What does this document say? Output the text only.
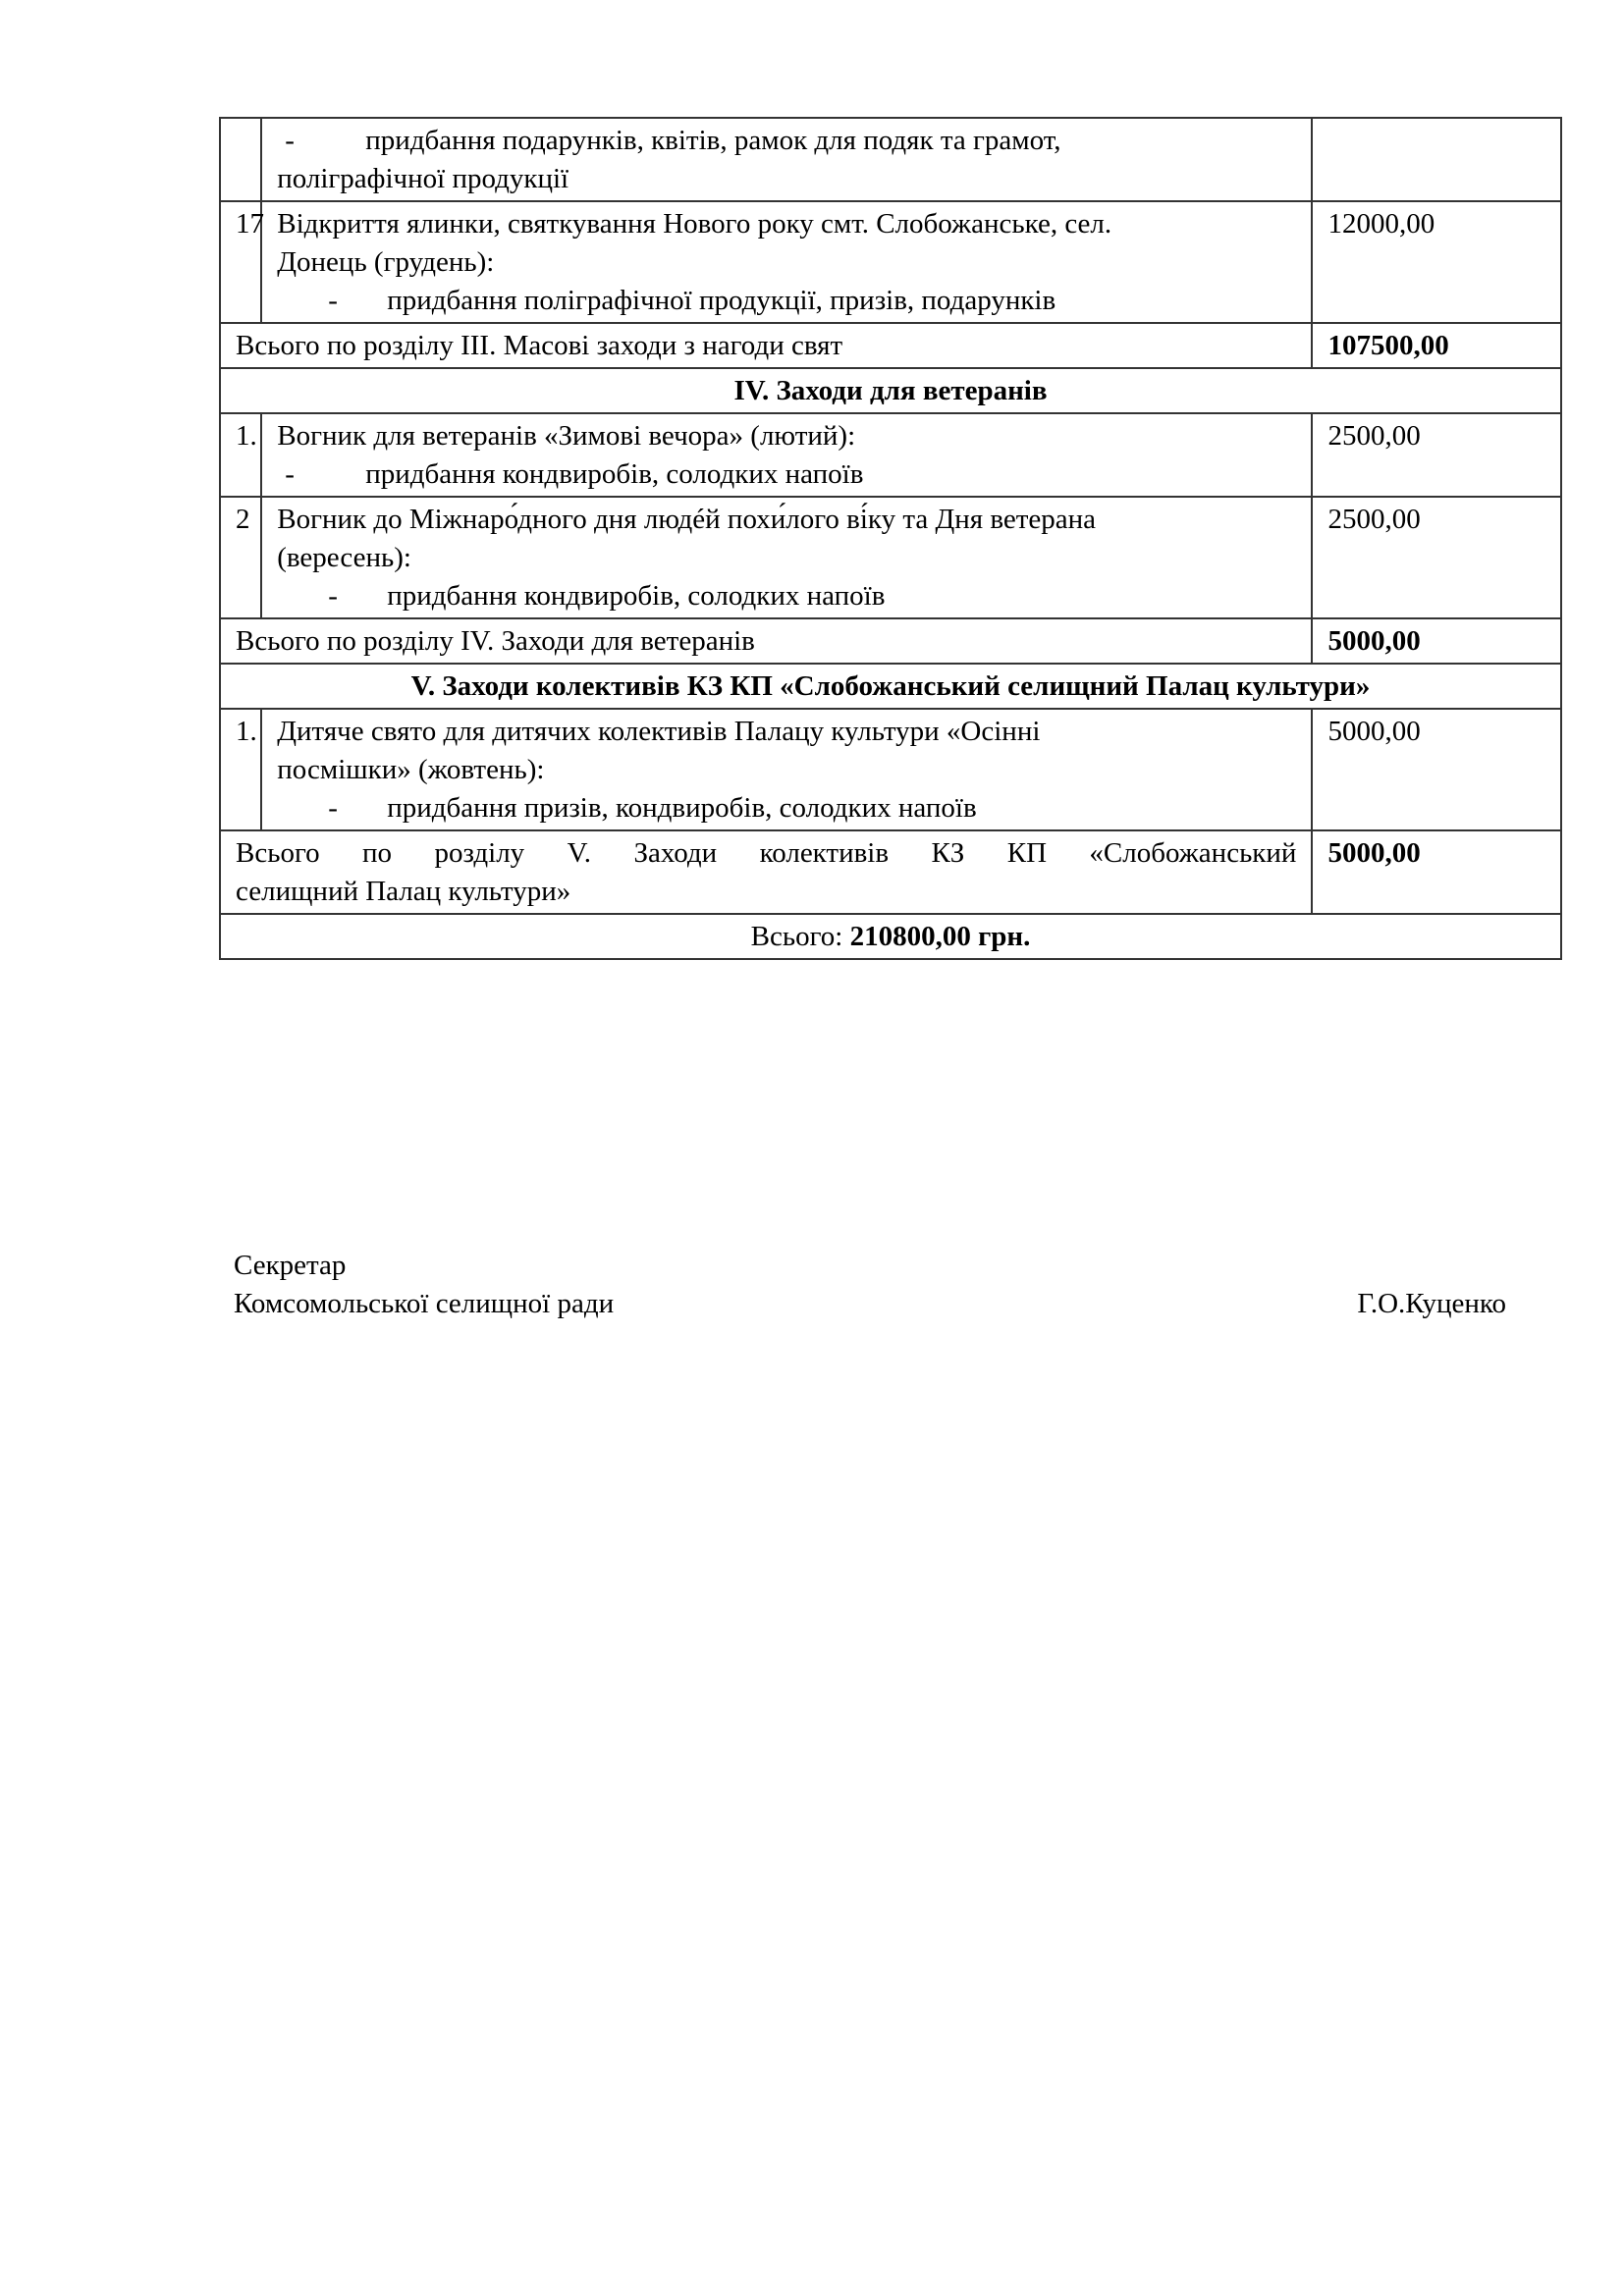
	- придбання подарунків, квітів, рамок для подяк та грамот,
поліграфічної продукції	
17	Відкриття ялинки, святкування Нового року смт. Слобожанське, сел.
Донець (грудень):
- придбання поліграфічної продукції, призів, подарунків	12000,00
Всього по розділу ІІІ. Масові заходи з нагоди свят		107500,00
IV. Заходи для ветеранів		
1.	Вогник для ветеранів «Зимові вечора» (лютий):
- придбання кондвиробів, солодких напоїв	2500,00
2	Вогник до Міжнаро́дного дня людéй похи́лого ві́ку та Дня ветерана
(вересень):
- придбання кондвиробів, солодких напоїв	2500,00
Всього по розділу IV. Заходи для ветеранів		5000,00
V. Заходи колективів КЗ КП «Слобожанський селищний Палац культури»		
1.	Дитяче свято для дитячих колективів Палацу культури «Осінні
посмішки» (жовтень):
- придбання призів, кондвиробів, солодких напоїв	5000,00

Всього по розділу V. Заходи колективів КЗ КП «Слобожанський
селищний Палац культури»		5000,00
Всього: 210800,00 грн.		
Секретар
Комсомольської селищної ради	Г.О.Куценко
